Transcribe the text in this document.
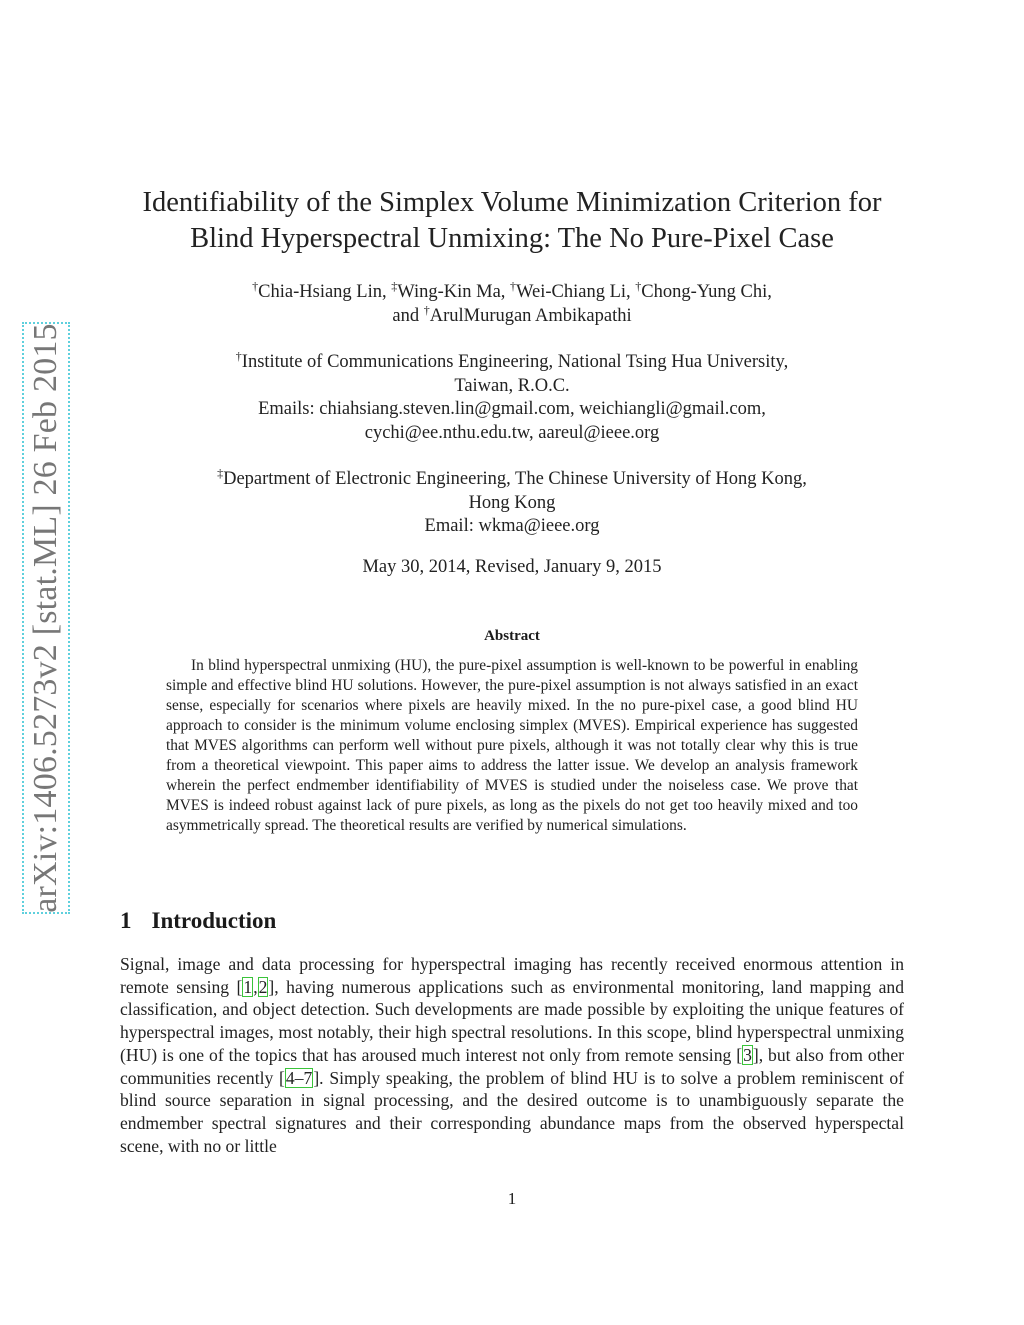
arXiv:1406.5273v2 [stat.ML] 26 Feb 2015
Identifiability of the Simplex Volume Minimization Criterion for
Blind Hyperspectral Unmixing: The No Pure-Pixel Case
†Chia-Hsiang Lin, ‡Wing-Kin Ma, †Wei-Chiang Li, †Chong-Yung Chi,
and †ArulMurugan Ambikapathi
†Institute of Communications Engineering, National Tsing Hua University,
Taiwan, R.O.C.
Emails: chiahsiang.steven.lin@gmail.com, weichiangli@gmail.com,
cychi@ee.nthu.edu.tw, aareul@ieee.org
‡Department of Electronic Engineering, The Chinese University of Hong Kong,
Hong Kong
Email: wkma@ieee.org
May 30, 2014, Revised, January 9, 2015
Abstract

In blind hyperspectral unmixing (HU), the pure-pixel assumption is well-known to be powerful in enabling simple and effective blind HU solutions. However, the pure-pixel assumption is not always satisfied in an exact sense, especially for scenarios where pixels are heavily mixed. In the no pure-pixel case, a good blind HU approach to consider is the minimum volume enclosing simplex (MVES). Empirical experience has suggested that MVES algorithms can perform well without pure pixels, although it was not totally clear why this is true from a theoretical viewpoint. This paper aims to address the latter issue. We develop an analysis framework wherein the perfect endmember identifiability of MVES is studied under the noiseless case. We prove that MVES is indeed robust against lack of pure pixels, as long as the pixels do not get too heavily mixed and too asymmetrically spread. The theoretical results are verified by numerical simulations.

1 Introduction

Signal, image and data processing for hyperspectral imaging has recently received enormous attention in remote sensing [1,2], having numerous applications such as environmental monitoring, land mapping and classification, and object detection. Such developments are made possible by exploiting the unique features of hyperspectral images, most notably, their high spectral resolutions. In this scope, blind hyperspectral unmixing (HU) is one of the topics that has aroused much interest not only from remote sensing [3], but also from other communities recently [4–7]. Simply speaking, the problem of blind HU is to solve a problem reminiscent of blind source separation in signal processing, and the desired outcome is to unambiguously separate the endmember spectral signatures and their corresponding abundance maps from the observed hyperspectal scene, with no or little

1
